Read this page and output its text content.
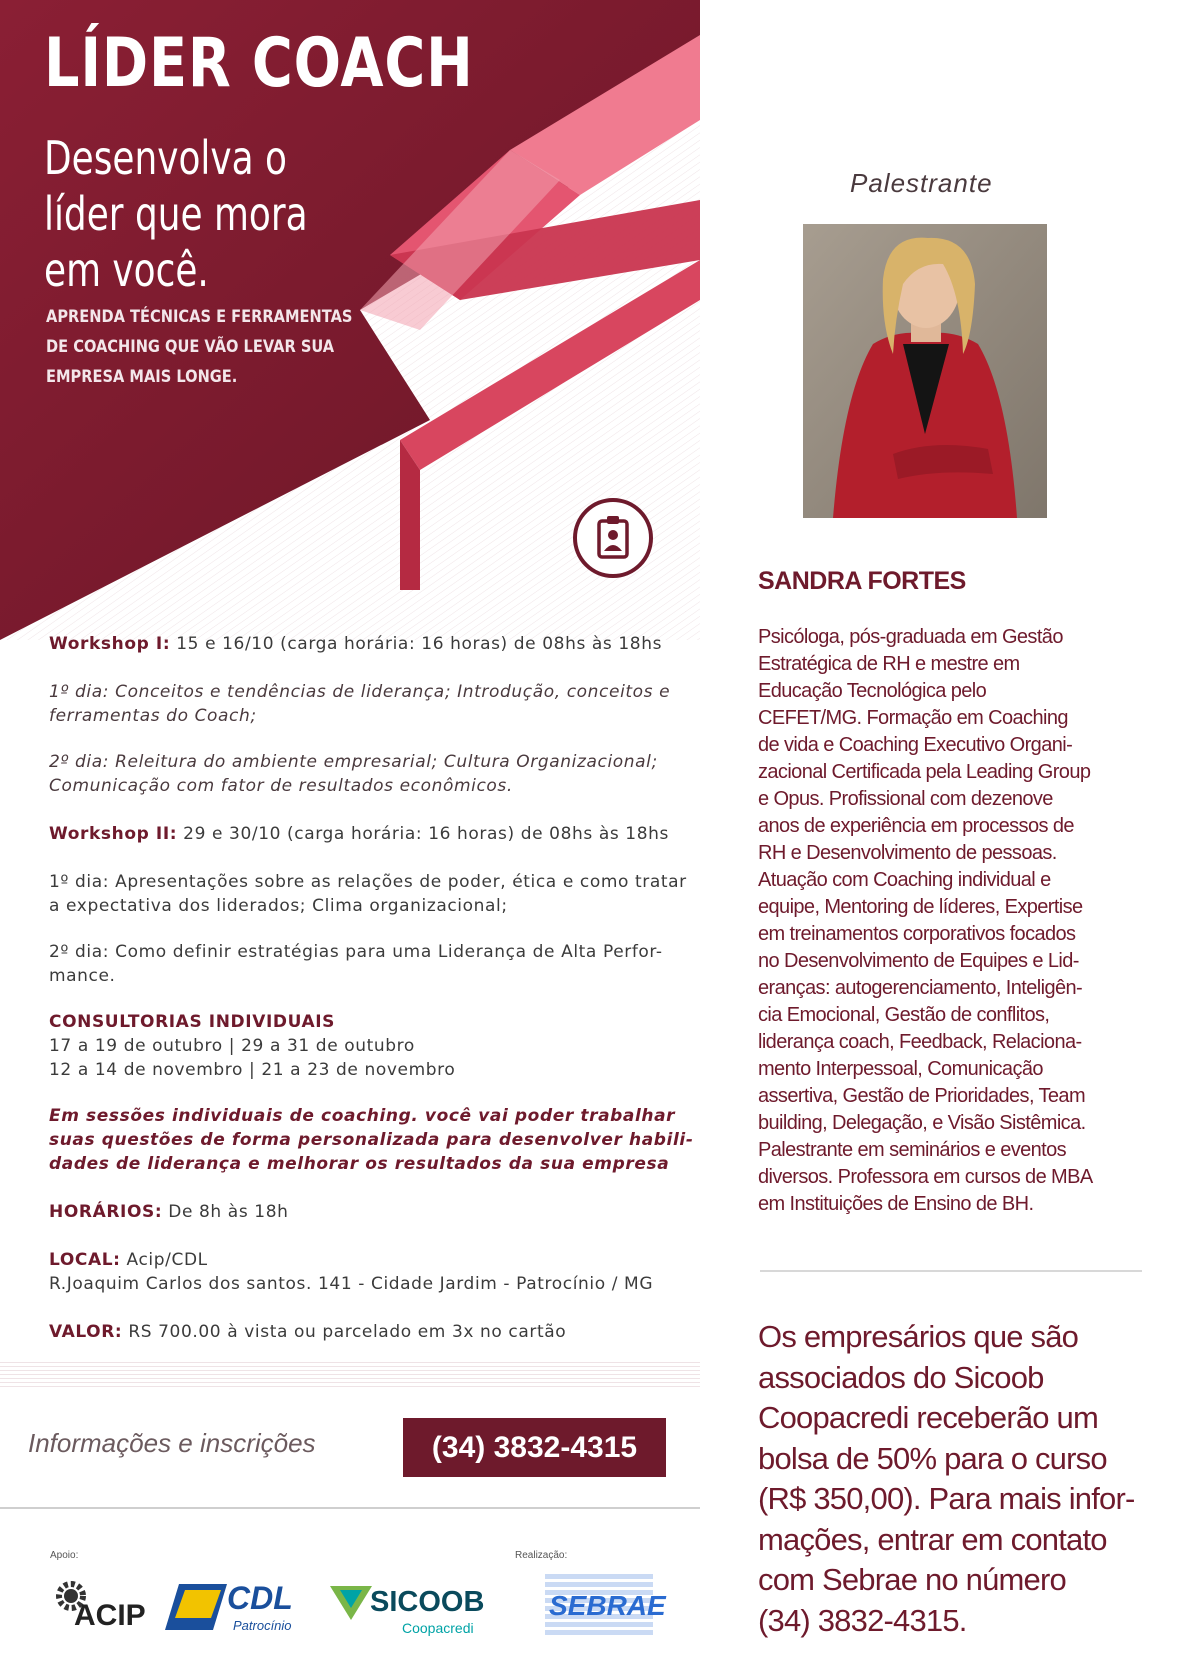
LÍDER COACH
Desenvolva o
líder que mora
em você.
APRENDA TÉCNICAS E FERRAMENTAS
DE COACHING QUE VÃO LEVAR SUA
EMPRESA MAIS LONGE.

Workshop I: 15 e 16/10 (carga horária: 16 horas) de 08hs às 18hs

1º dia: Conceitos e tendências de liderança; Introdução, conceitos e
ferramentas do Coach;

2º dia: Releitura do ambiente empresarial; Cultura Organizacional;
Comunicação com fator de resultados econômicos.

Workshop II: 29 e 30/10 (carga horária: 16 horas) de 08hs às 18hs

1º dia: Apresentações sobre as relações de poder, ética e como tratar
a expectativa dos liderados; Clima organizacional;

2º dia: Como definir estratégias para uma Liderança de Alta Perfor-
mance.

CONSULTORIAS INDIVIDUAIS
17 a 19 de outubro | 29 a 31 de outubro
12 a 14 de novembro | 21 a 23 de novembro

Em sessões individuais de coaching. você vai poder trabalhar
suas questões de forma personalizada para desenvolver habili-
dades de liderança e melhorar os resultados da sua empresa

HORÁRIOS: De 8h às 18h

LOCAL: Acip/CDL
R.Joaquim Carlos dos santos. 141 - Cidade Jardim - Patrocínio / MG

VALOR: RS 700.00 à vista ou parcelado em 3x no cartão

Informações e inscrições	(34) 3832-4315
Apoio:	Realização:
ACIP	CDL
Patrocínio
SICOOB
Coopacredi
SEBRAE
Palestrante
SANDRA FORTES

Psicóloga, pós-graduada em Gestão
Estratégica de RH e mestre em
Educação Tecnológica pelo
CEFET/MG. Formação em Coaching
de vida e Coaching Executivo Organi-
zacional Certificada pela Leading Group
e Opus. Profissional com dezenove
anos de experiência em processos de
RH e Desenvolvimento de pessoas.
Atuação com Coaching individual e
equipe, Mentoring de líderes, Expertise
em treinamentos corporativos focados
no Desenvolvimento de Equipes e Lid-
eranças: autogerenciamento, Inteligên-
cia Emocional, Gestão de conflitos,
liderança coach, Feedback, Relaciona-
mento Interpessoal, Comunicação
assertiva, Gestão de Prioridades, Team
building, Delegação, e Visão Sistêmica.
Palestrante em seminários e eventos
diversos. Professora em cursos de MBA
em Instituições de Ensino de BH.

Os empresários que são
associados do Sicoob
Coopacredi receberão um
bolsa de 50% para o curso
(R$ 350,00). Para mais infor-
mações, entrar em contato
com Sebrae no número
(34) 3832-4315.
